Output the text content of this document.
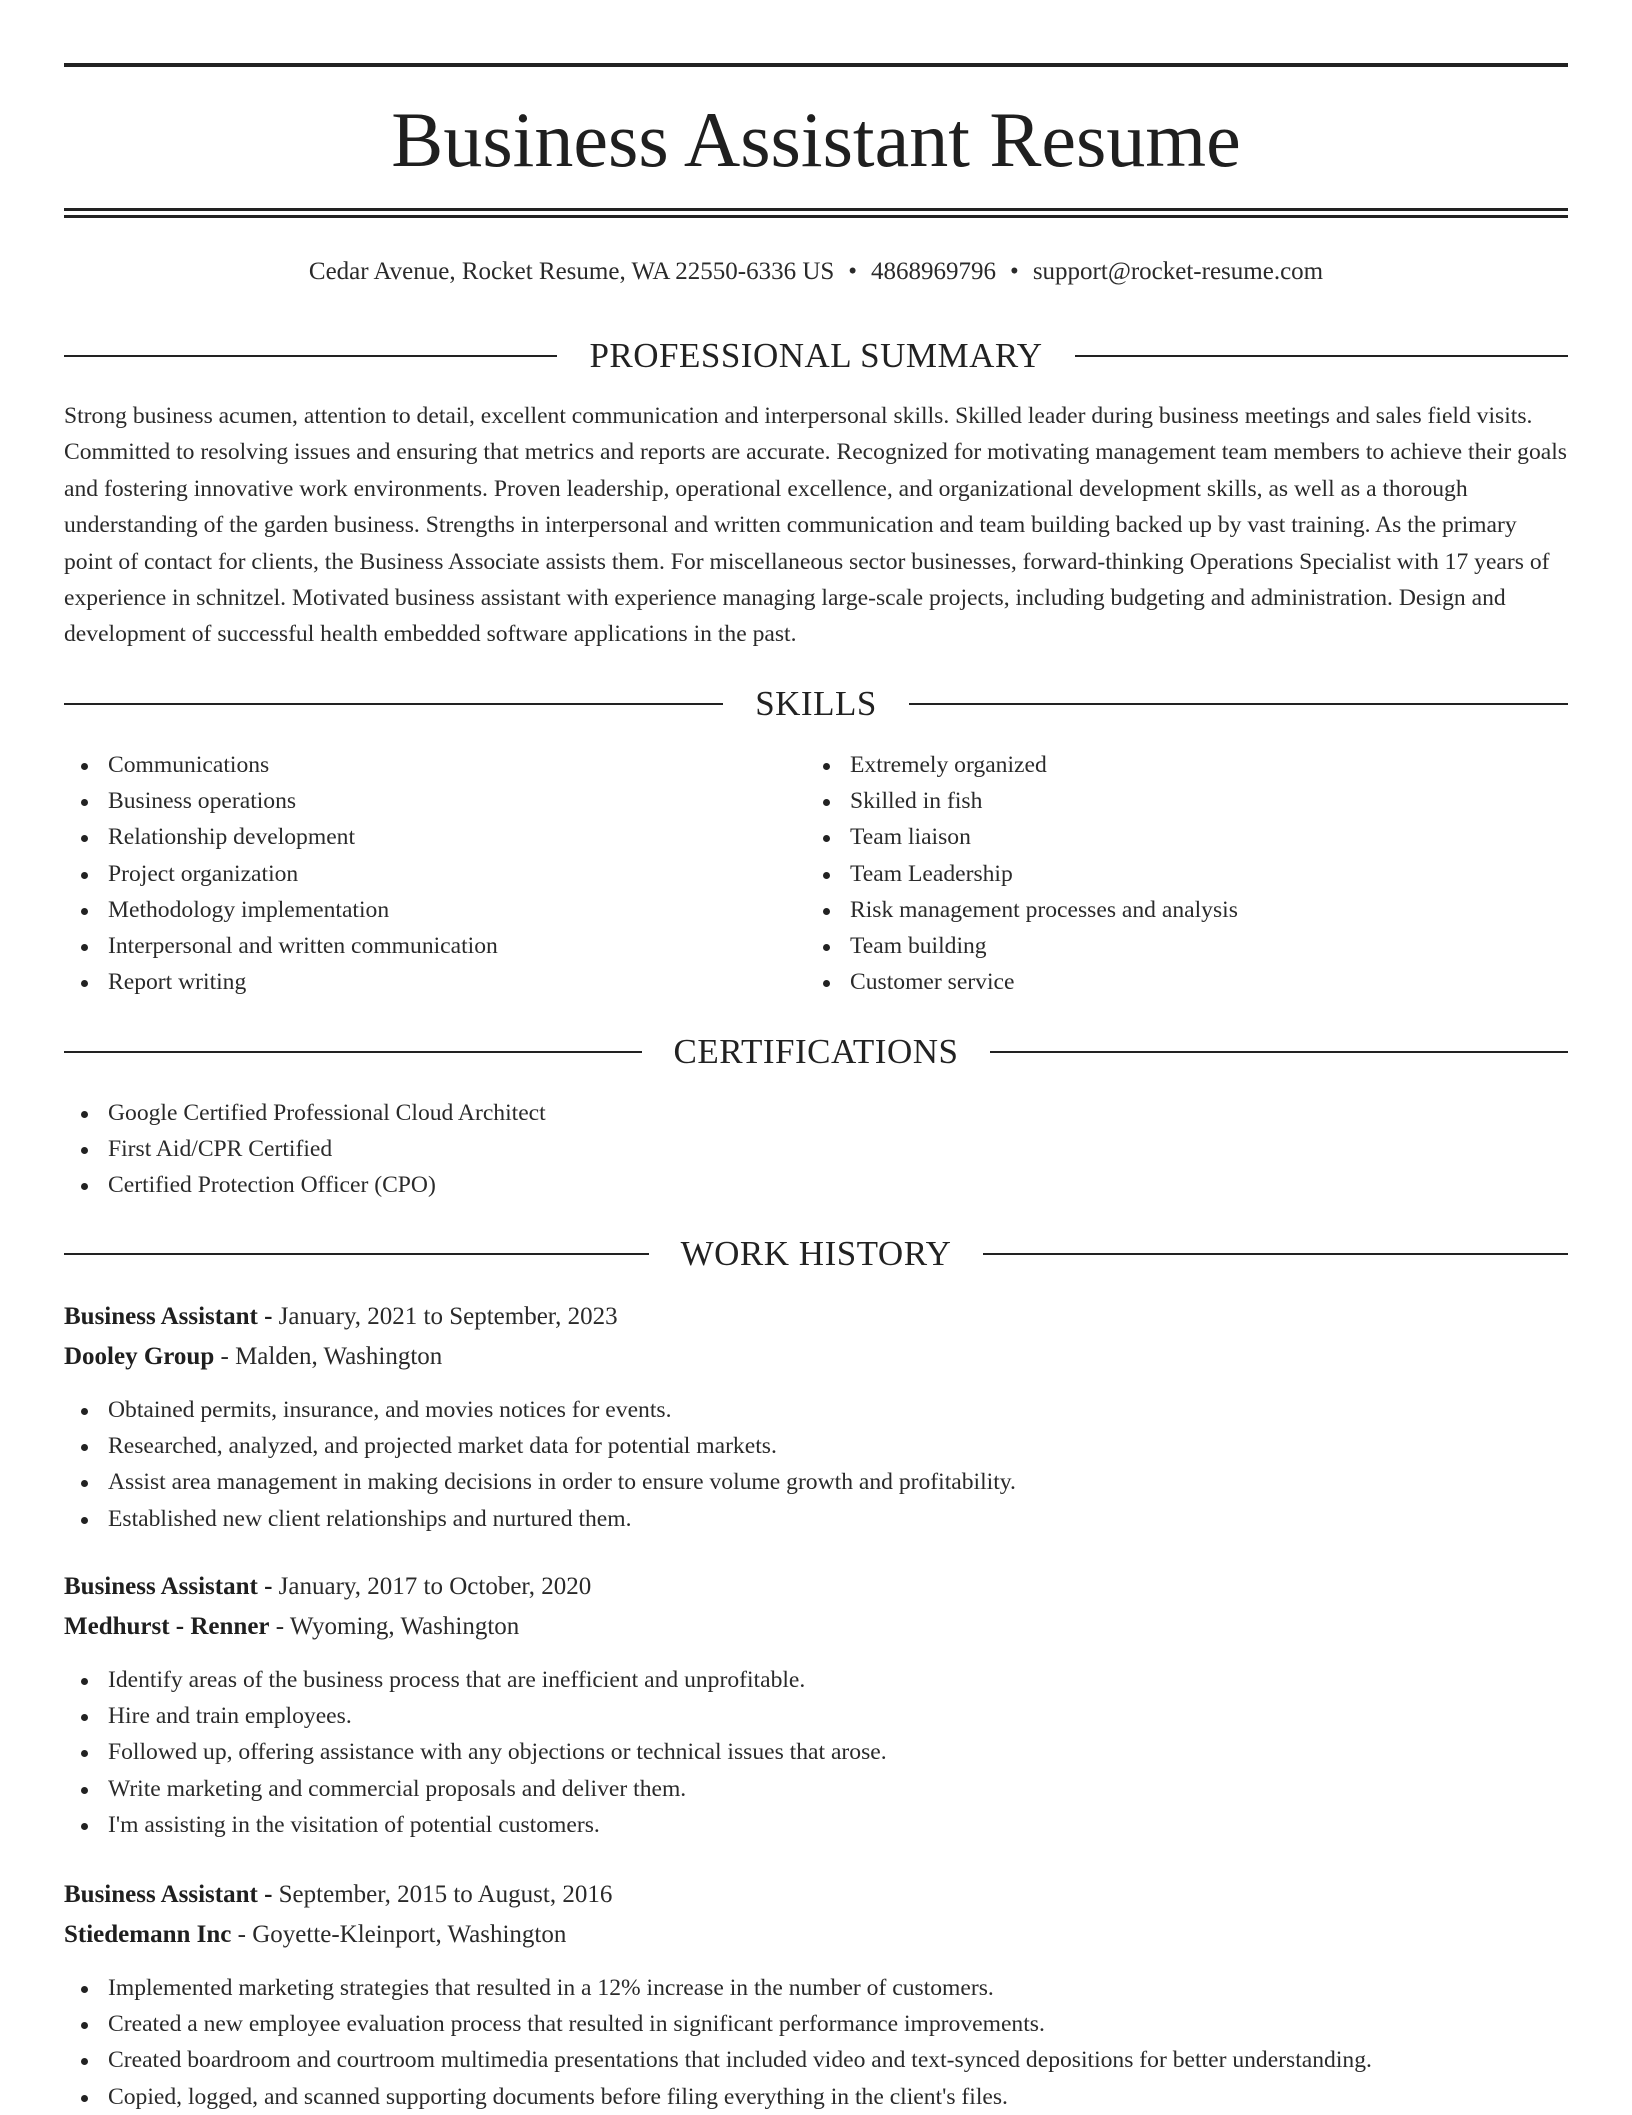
Business Assistant Resume
Cedar Avenue, Rocket Resume, WA 22550-6336 US • 4868969796 • support@rocket-resume.com
PROFESSIONAL SUMMARY

Strong business acumen, attention to detail, excellent communication and interpersonal skills. Skilled leader during business meetings and sales field visits. Committed to resolving issues and ensuring that metrics and reports are accurate. Recognized for motivating management team members to achieve their goals and fostering innovative work environments. Proven leadership, operational excellence, and organizational development skills, as well as a thorough understanding of the garden business. Strengths in interpersonal and written communication and team building backed up by vast training. As the primary point of contact for clients, the Business Associate assists them. For miscellaneous sector businesses, forward-thinking Operations Specialist with 17 years of experience in schnitzel. Motivated business assistant with experience managing large-scale projects, including budgeting and administration. Design and development of successful health embedded software applications in the past.

SKILLS
Communications
Business operations
Relationship development
Project organization
Methodology implementation
Interpersonal and written communication
Report writing
Extremely organized
Skilled in fish
Team liaison
Team Leadership
Risk management processes and analysis
Team building
Customer service
CERTIFICATIONS
Google Certified Professional Cloud Architect
First Aid/CPR Certified
Certified Protection Officer (CPO)
WORK HISTORY
Business Assistant - January, 2021 to September, 2023
Dooley Group - Malden, Washington
Obtained permits, insurance, and movies notices for events.
Researched, analyzed, and projected market data for potential markets.
Assist area management in making decisions in order to ensure volume growth and profitability.
Established new client relationships and nurtured them.
Business Assistant - January, 2017 to October, 2020
Medhurst - Renner - Wyoming, Washington
Identify areas of the business process that are inefficient and unprofitable.
Hire and train employees.
Followed up, offering assistance with any objections or technical issues that arose.
Write marketing and commercial proposals and deliver them.
I'm assisting in the visitation of potential customers.
Business Assistant - September, 2015 to August, 2016
Stiedemann Inc - Goyette-Kleinport, Washington
Implemented marketing strategies that resulted in a 12% increase in the number of customers.
Created a new employee evaluation process that resulted in significant performance improvements.
Created boardroom and courtroom multimedia presentations that included video and text-synced depositions for better understanding.
Copied, logged, and scanned supporting documents before filing everything in the client's files.
